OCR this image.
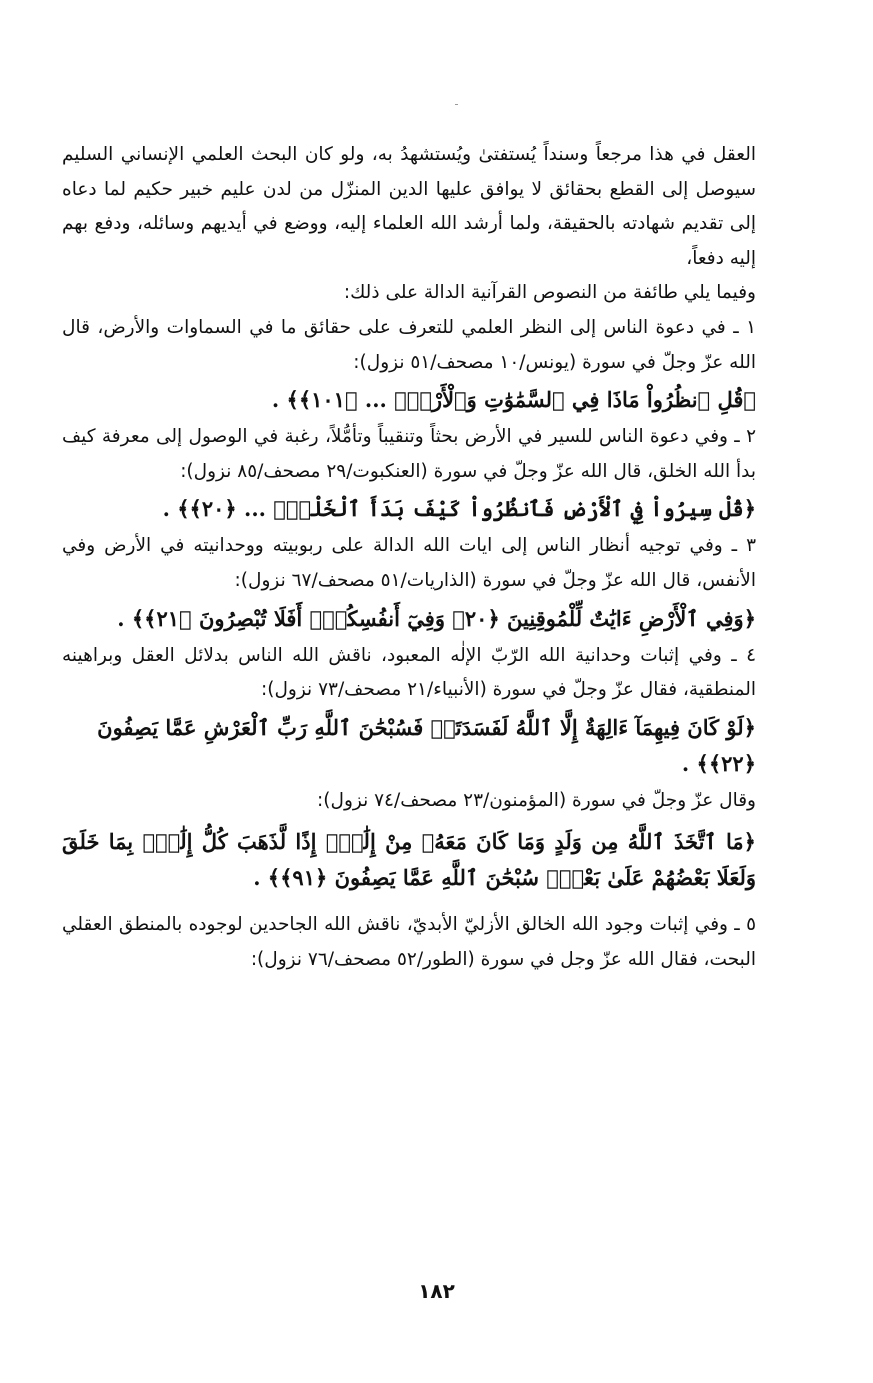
العقل في هذا مرجعاً وسنداً يُستفتىٰ ويُستشهدُ به، ولو كان البحث العلمي الإنساني السليم سيوصل إلى القطع بحقائق لا يوافق عليها الدين المنزّل من لدن عليم خبير حكيم لما دعاه إلى تقديم شهادته بالحقيقة، ولما أرشد الله العلماء إليه، ووضع في أيديهم وسائله، ودفع بهم إليه دفعاً،

وفيما يلي طائفة من النصوص القرآنية الدالة على ذلك:

١ ـ في دعوة الناس إلى النظر العلمي للتعرف على حقائق ما في السماوات والأرض، قال الله عزّ وجلّ في سورة (يونس/١٠ مصحف/٥١ نزول):

﴿قُلِ ٱنظُرُواْ مَاذَا فِي ٱلسَّمَٰوَٰتِ وَٱلْأَرْضِۚ ... ﴿١٠١﴾﴾ .

٢ ـ وفي دعوة الناس للسير في الأرض بحثاً وتنقيباً وتأمُّلاً، رغبة في الوصول إلى معرفة كيف بدأ الله الخلق، قال الله عزّ وجلّ في سورة (العنكبوت/٢٩ مصحف/٨٥ نزول):

﴿قُلْ سِيرُواْ فِي ٱلْأَرْضِ فَٱنظُرُواْ كَيْفَ بَدَأَ ٱلْخَلْقَۚ ... ﴿٢٠﴾﴾ .

٣ ـ وفي توجيه أنظار الناس إلى ايات الله الدالة على ربوبيته ووحدانيته في الأرض وفي الأنفس، قال الله عزّ وجلّ في سورة (الذاريات/٥١ مصحف/٦٧ نزول):

﴿وَفِي ٱلْأَرْضِ ءَايَٰتٌ لِّلْمُوقِنِينَ ﴿٢٠﴾ وَفِيٓ أَنفُسِكُمْۚ أَفَلَا تُبْصِرُونَ ﴿٢١﴾﴾ .

٤ ـ وفي إثبات وحدانية الله الرّبّ الإلٰه المعبود، ناقش الله الناس بدلائل العقل وبراهينه المنطقية، فقال عزّ وجلّ في سورة (الأنبياء/٢١ مصحف/٧٣ نزول):

﴿لَوْ كَانَ فِيهِمَآ ءَالِهَةٌ إِلَّا ٱللَّهُ لَفَسَدَتَاۚ فَسُبْحَٰنَ ٱللَّهِ رَبِّ ٱلْعَرْشِ عَمَّا يَصِفُونَ ﴿٢٢﴾﴾ .

وقال عزّ وجلّ في سورة (المؤمنون/٢٣ مصحف/٧٤ نزول):

﴿مَا ٱتَّخَذَ ٱللَّهُ مِن وَلَدٍ وَمَا كَانَ مَعَهُۥ مِنْ إِلَٰهٍۚ إِذًا لَّذَهَبَ كُلُّ إِلَٰهِۭ بِمَا خَلَقَ وَلَعَلَا بَعْضُهُمْ عَلَىٰ بَعْضٍۚ سُبْحَٰنَ ٱللَّهِ عَمَّا يَصِفُونَ ﴿٩١﴾﴾ .

٥ ـ وفي إثبات وجود الله الخالق الأزليّ الأبديّ، ناقش الله الجاحدين لوجوده بالمنطق العقلي البحت، فقال الله عزّ وجل في سورة (الطور/٥٢ مصحف/٧٦ نزول):

١٨٢
